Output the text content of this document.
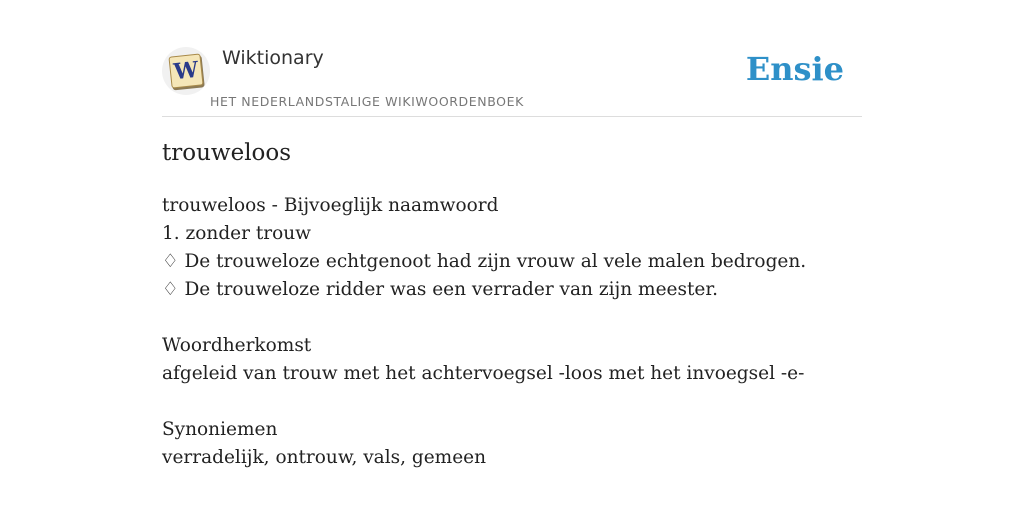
W Wiktionary
HET NEDERLANDSTALIGE WIKIWOORDENBOEK
Ensie
trouweloos
trouweloos - Bijvoeglijk naamwoord
1. zonder trouw
♢ De trouweloze echtgenoot had zijn vrouw al vele malen bedrogen.
♢ De trouweloze ridder was een verrader van zijn meester.
Woordherkomst
afgeleid van trouw met het achtervoegsel -loos met het invoegsel -e-
Synoniemen
verradelijk, ontrouw, vals, gemeen
